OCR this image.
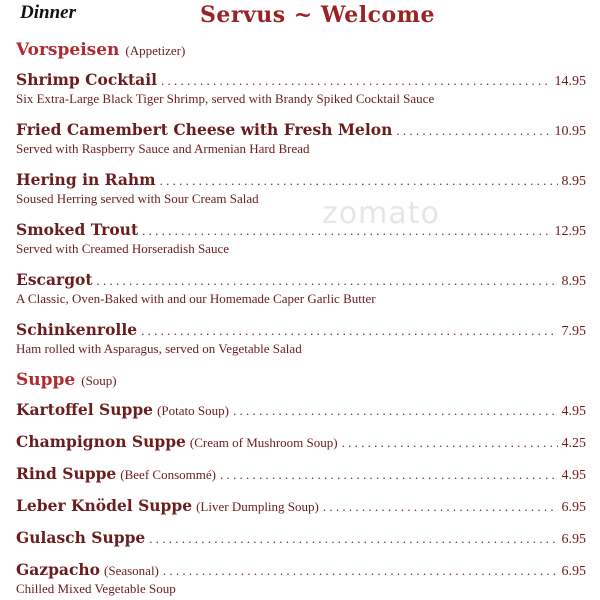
Dinner	Servus ~ Welcome
zomato
Vorspeisen (Appetizer)
Shrimp Cocktail . . .	14.95
Six Extra-Large Black Tiger Shrimp, served with Brandy Spiked Cocktail Sauce
Fried Camembert Cheese with Fresh Melon . . .	10.95
Served with Raspberry Sauce and Armenian Hard Bread
Hering in Rahm . . .	8.95
Soused Herring served with Sour Cream Salad
Smoked Trout . . .	12.95
Served with Creamed Horseradish Sauce
Escargot . . .	8.95
A Classic, Oven-Baked with and our Homemade Caper Garlic Butter
Schinkenrolle . . .	7.95
Ham rolled with Asparagus, served on Vegetable Salad
Suppe (Soup)
Kartoffel Suppe (Potato Soup) . . .	4.95
Champignon Suppe (Cream of Mushroom Soup) . . .	4.25
Rind Suppe (Beef Consommé) . . .	4.95
Leber Knödel Suppe (Liver Dumpling Soup) . . .	6.95
Gulasch Suppe . . .	6.95
Gazpacho (Seasonal) . . .	6.95
Chilled Mixed Vegetable Soup
